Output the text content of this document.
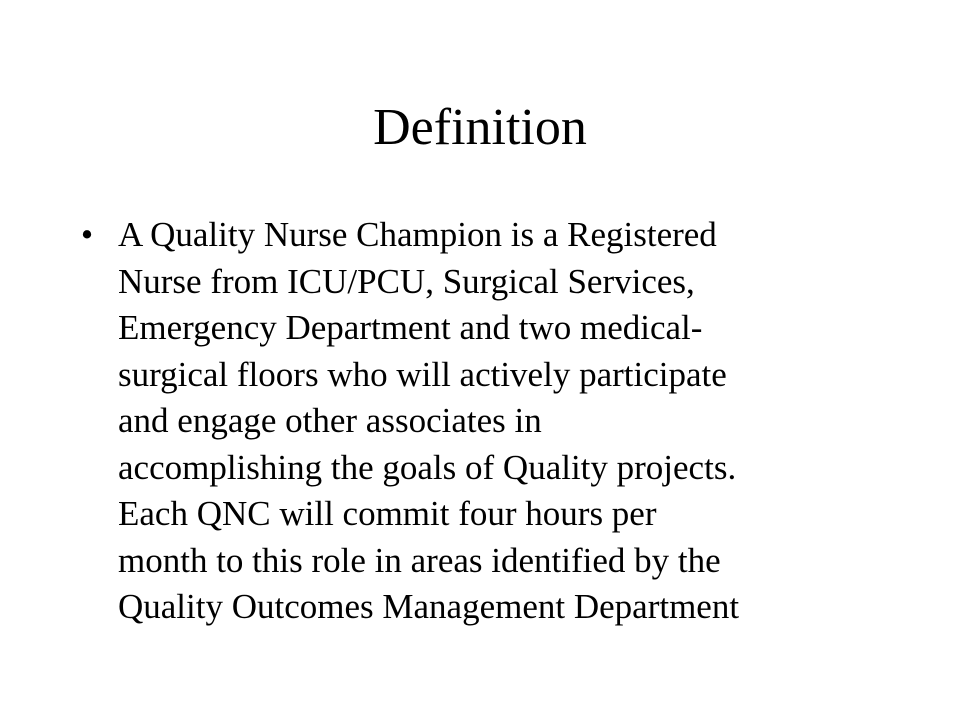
Definition
• A Quality Nurse Champion is a Registered
Nurse from ICU/PCU, Surgical Services,
Emergency Department and two medical-
surgical floors who will actively participate
and engage other associates in
accomplishing the goals of Quality projects.
Each QNC will commit four hours per
month to this role in areas identified by the
Quality Outcomes Management Department
